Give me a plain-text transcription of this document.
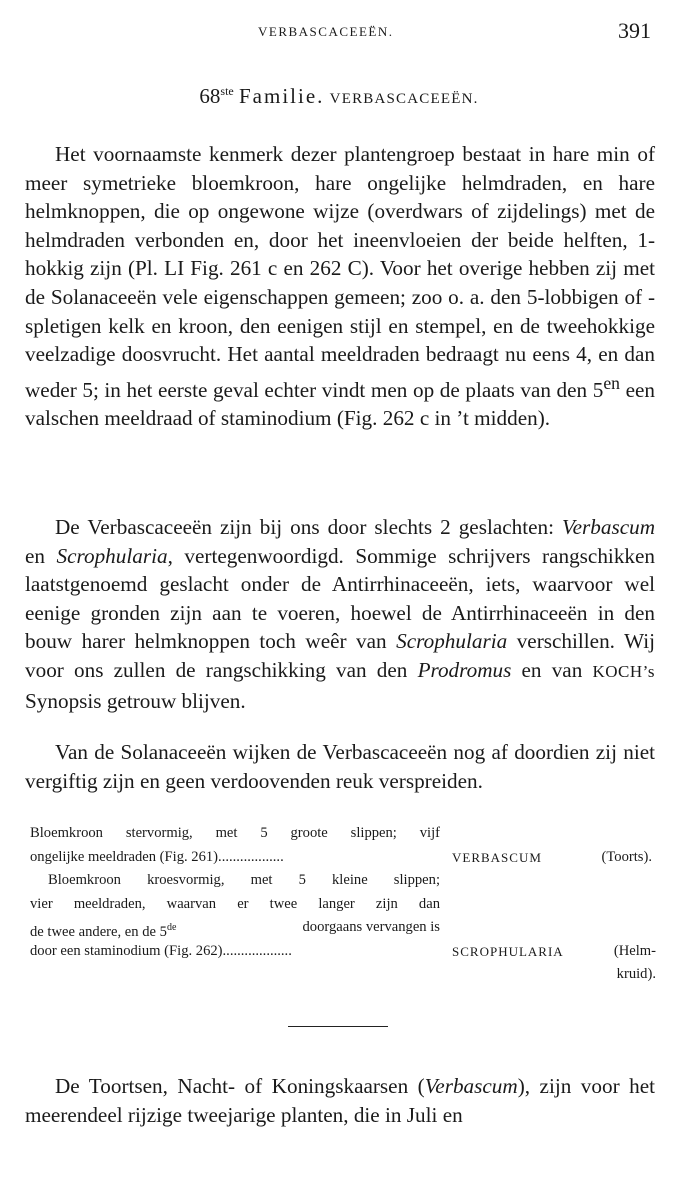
VERBASCACEEËN.	391
68ste Familie. VERBASCACEEËN.

Het voornaamste kenmerk dezer plantengroep bestaat in hare min of meer symetrieke bloemkroon, hare ongelijke helmdraden, en hare helmknoppen, die op ongewone wijze (overdwars of zijdelings) met de helmdraden verbonden en, door het ineenvloeien der beide helften, 1-hokkig zijn (Pl. LI Fig. 261 c en 262 C). Voor het overige hebben zij met de Solanaceeën vele eigenschappen gemeen; zoo o. a. den 5-lobbigen of -spletigen kelk en kroon, den eenigen stijl en stempel, en de tweehokkige veelzadige doosvrucht. Het aantal meeldraden bedraagt nu eens 4, en dan weder 5; in het eerste geval echter vindt men op de plaats van den $5^{en}$ een valschen meeldraad of staminodium (Fig. 262 c in ’t midden).

De Verbascaceeën zijn bij ons door slechts 2 geslachten: Verbascum en Scrophularia, vertegenwoordigd. Sommige schrijvers rangschikken laatstgenoemd geslacht onder de Antirrhinaceeën, iets, waarvoor wel eenige gronden zijn aan te voeren, hoewel de Antirrhinaceeën in den bouw harer helmknoppen toch weêr van Scrophularia verschillen. Wij voor ons zullen de rangschikking van den Prodromus en van KOCH’s Synopsis getrouw blijven.

Van de Solanaceeën wijken de Verbascaceeën nog af doordien zij niet vergiftig zijn en geen verdoovenden reuk verspreiden.

Bloemkroon stervormig, met 5 groote slippen; vijf
ongelijke meeldraden (Fig. 261)..................	VERBASCUM	(Toorts).
Bloemkroon kroesvormig, met 5 kleine slippen;
vier meeldraden, waarvan er twee langer zijn dan
de twee andere, en de 5de	doorgaans vervangen is
door een staminodium (Fig. 262)...................	SCROPHULARIA	(Helm-
kruid).

De Toortsen, Nacht- of Koningskaarsen (Verbascum), zijn voor het meerendeel rijzige tweejarige planten, die in Juli en
